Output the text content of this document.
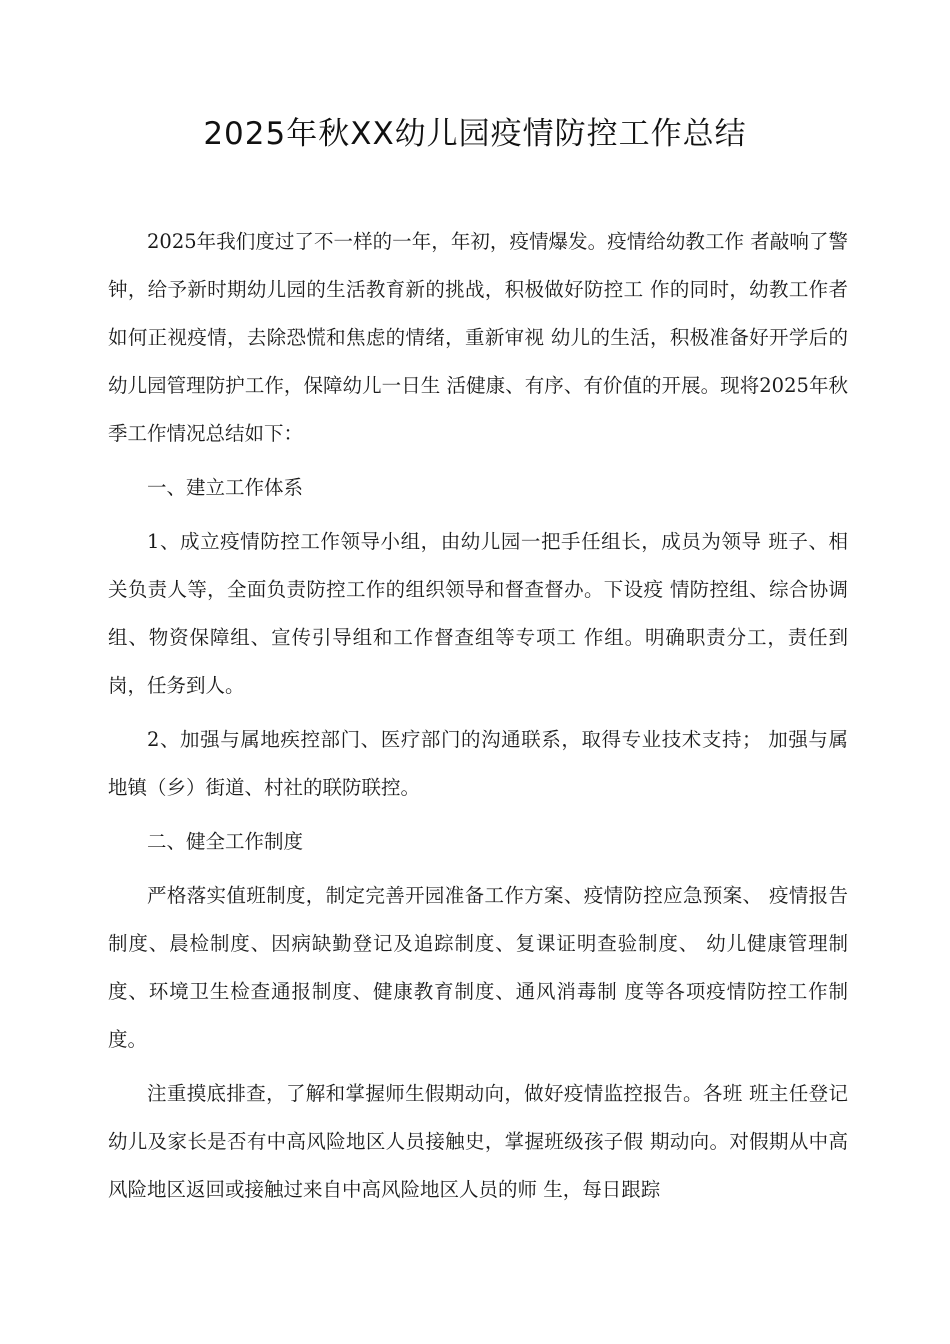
2025年秋XX幼儿园疫情防控工作总结

2025年我们度过了不一样的一年，年初，疫情爆发。疫情给幼教工作 者敲响了警钟，给予新时期幼儿园的生活教育新的挑战，积极做好防控工 作的同时，幼教工作者如何正视疫情，去除恐慌和焦虑的情绪，重新审视 幼儿的生活，积极准备好开学后的幼儿园管理防护工作，保障幼儿一日生 活健康、有序、有价值的开展。现将2025年秋季工作情况总结如下：

一、建立工作体系

1、成立疫情防控工作领导小组，由幼儿园一把手任组长，成员为领导 班子、相关负责人等，全面负责防控工作的组织领导和督查督办。下设疫 情防控组、综合协调组、物资保障组、宣传引导组和工作督查组等专项工 作组。明确职责分工，责任到岗，任务到人。

2、加强与属地疾控部门、医疗部门的沟通联系，取得专业技术支持； 加强与属地镇（乡）街道、村社的联防联控。

二、健全工作制度

严格落实值班制度，制定完善开园准备工作方案、疫情防控应急预案、 疫情报告制度、晨检制度、因病缺勤登记及追踪制度、复课证明查验制度、 幼儿健康管理制度、环境卫生检查通报制度、健康教育制度、通风消毒制 度等各项疫情防控工作制度。

注重摸底排查，了解和掌握师生假期动向，做好疫情监控报告。各班 班主任登记幼儿及家长是否有中高风险地区人员接触史，掌握班级孩子假 期动向。对假期从中高风险地区返回或接触过来自中高风险地区人员的师 生，每日跟踪
